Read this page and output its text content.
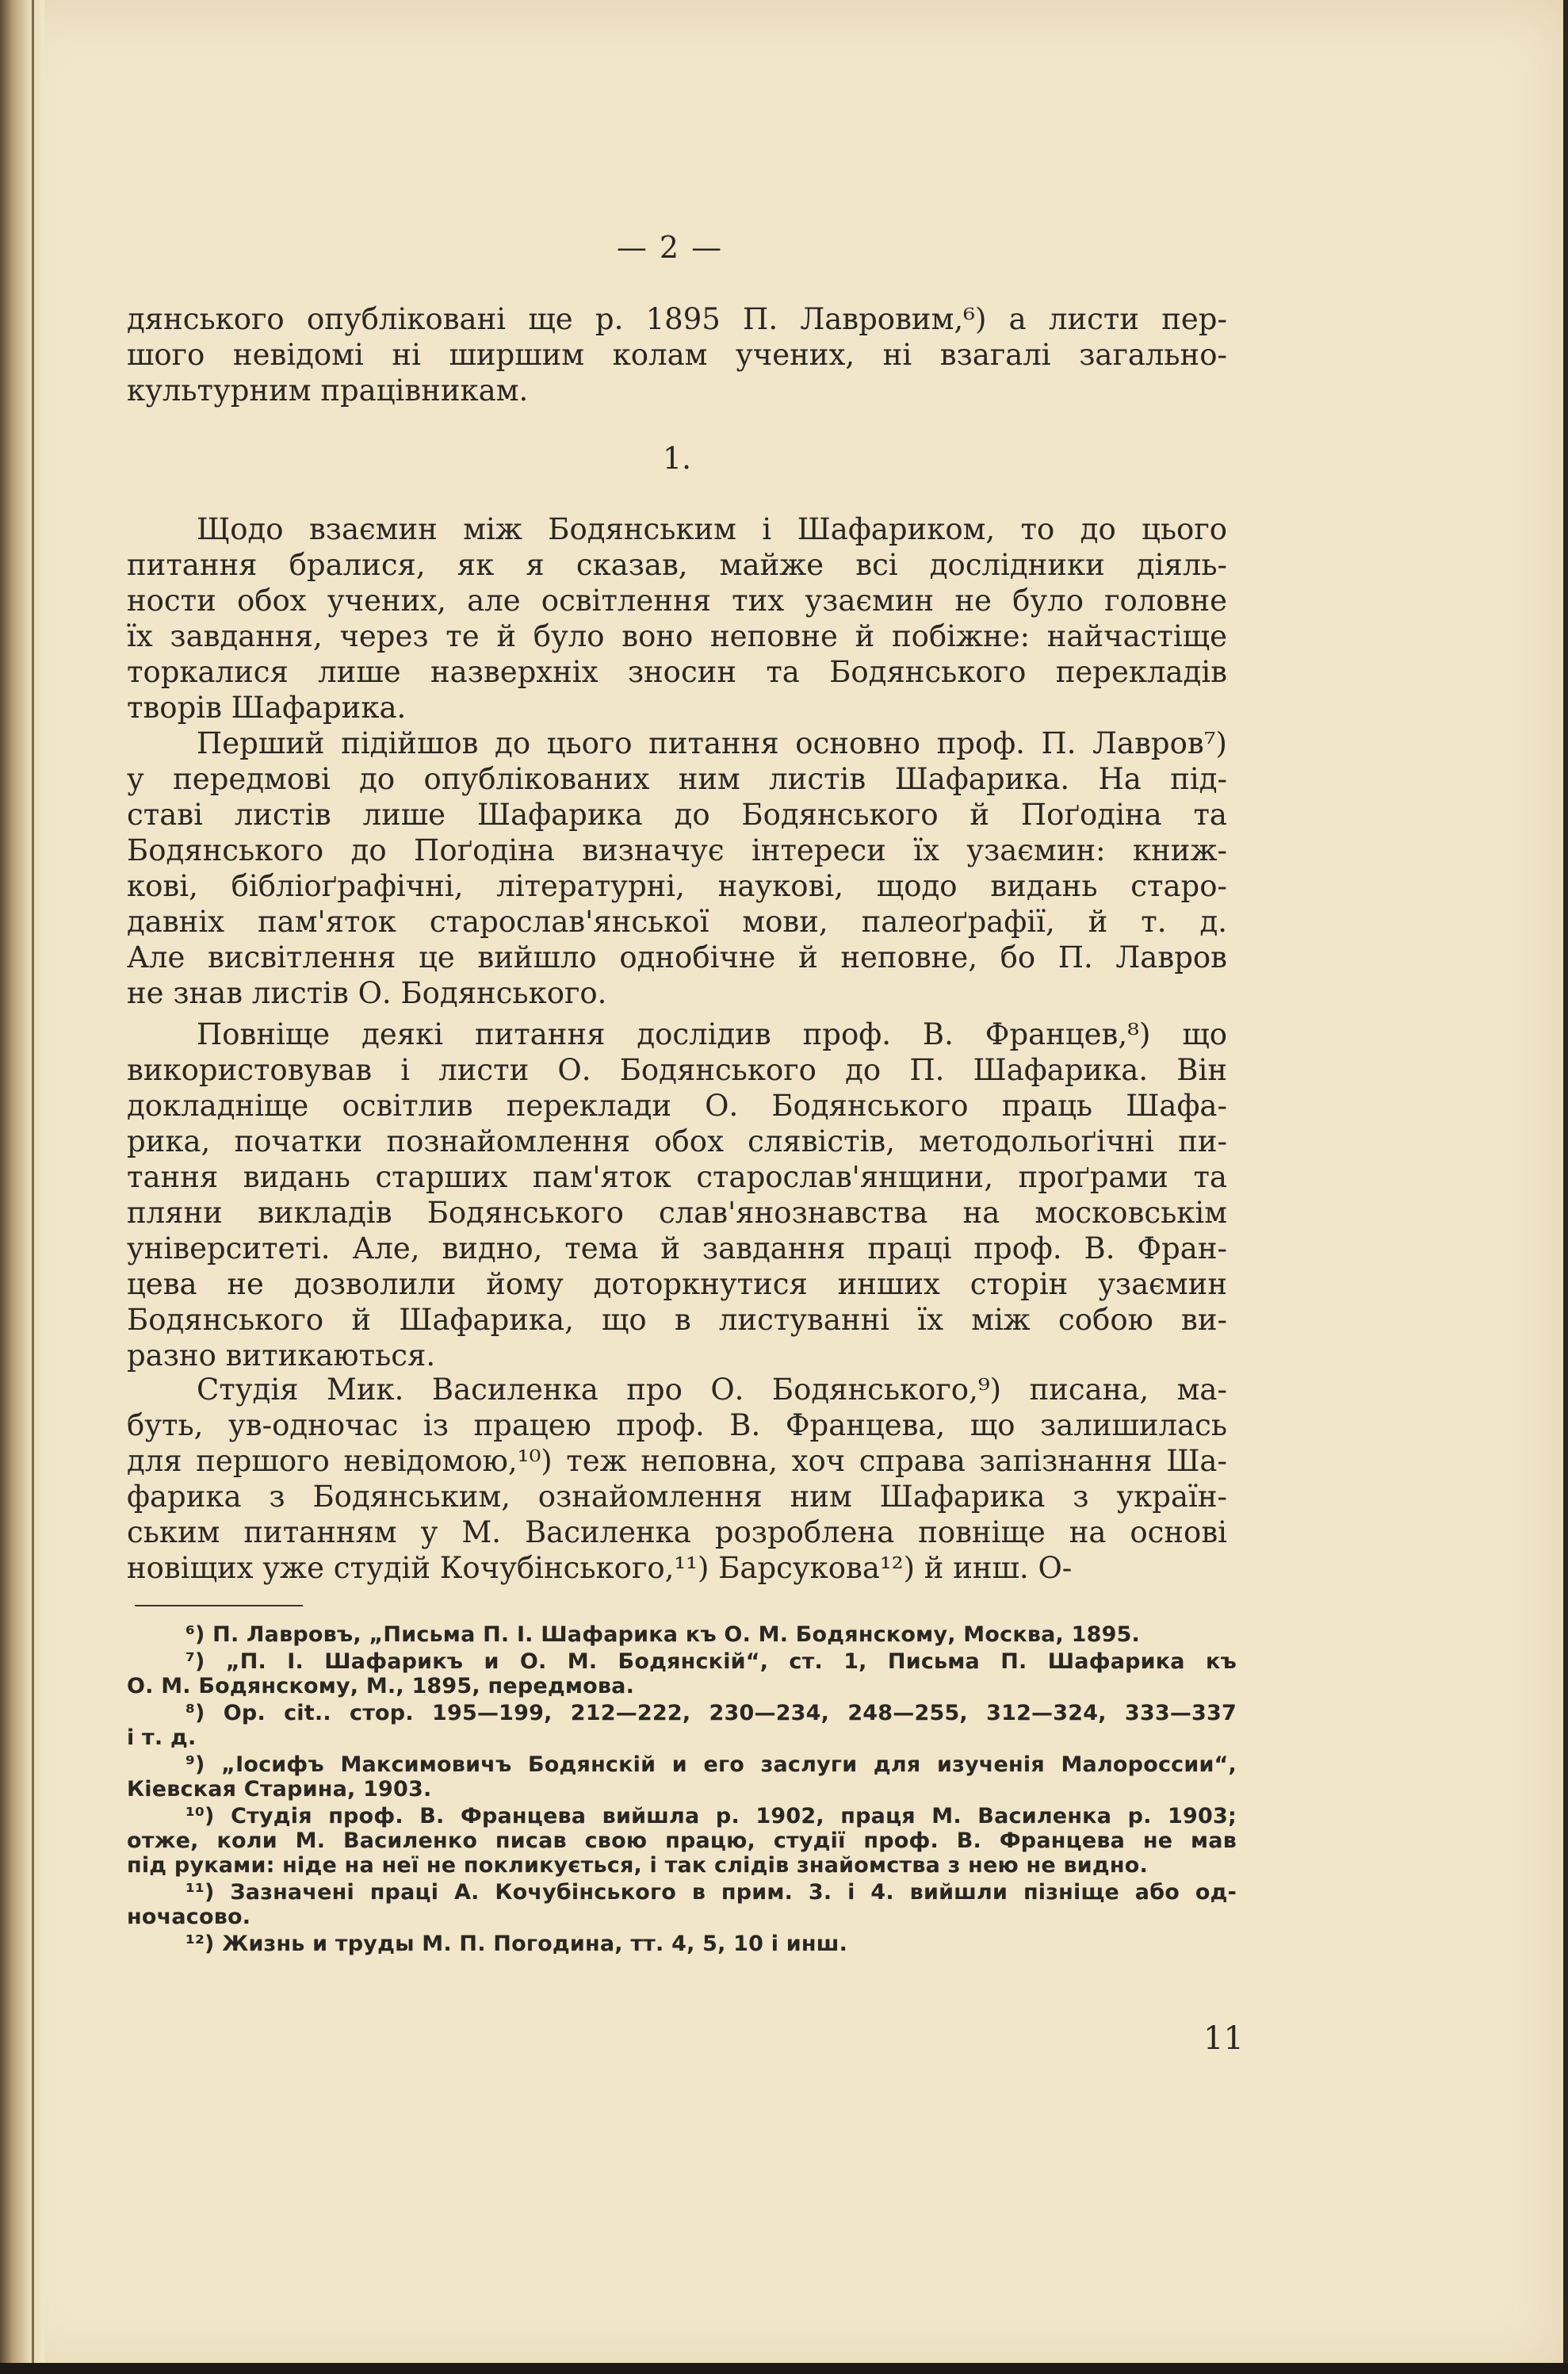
— 2 —
дянського опубліковані ще р. 1895 П. Лавровим,⁶) а листи пер-
шого невідомі ні ширшим колам учених, ні взагалі загально-
культурним працівникам.
1.
Щодо взаємин між Бодянським і Шафариком, то до цього
питання бралися, як я сказав, майже всі дослідники діяль-
ности обох учених, але освітлення тих узаємин не було головне
їх завдання, через те й було воно неповне й побіжне: найчастіще
торкалися лише назверхніх зносин та Бодянського перекладів
творів Шафарика.
Перший підійшов до цього питання основно проф. П. Лавров⁷)
у передмові до опублікованих ним листів Шафарика. На під-
ставі листів лише Шафарика до Бодянського й Поґодіна та
Бодянського до Поґодіна визначує інтереси їх узаємин: книж-
кові, бібліоґрафічні, літературні, наукові, щодо видань старо-
давніх пам'яток старослав'янської мови, палеоґрафії, й т. д.
Але висвітлення це вийшло однобічне й неповне, бо П. Лавров
не знав листів О. Бодянського.
Повніще деякі питання дослідив проф. В. Францев,⁸) що
використовував і листи О. Бодянського до П. Шафарика. Він
докладніще освітлив переклади О. Бодянського праць Шафа-
рика, початки познайомлення обох слявістів, методольоґічні пи-
тання видань старших пам'яток старослав'янщини, проґрами та
пляни викладів Бодянського слав'янознавства на московськім
університеті. Але, видно, тема й завдання праці проф. В. Фран-
цева не дозволили йому доторкнутися инших сторін узаємин
Бодянського й Шафарика, що в листуванні їх між собою ви-
разно витикаються.
Студія Мик. Василенка про О. Бодянського,⁹) писана, ма-
буть, ув-одночас із працею проф. В. Францева, що залишилась
для першого невідомою,¹⁰) теж неповна, хоч справа запізнання Ша-
фарика з Бодянським, ознайомлення ним Шафарика з україн-
ським питанням у М. Василенка розроблена повніще на основі
новіщих уже студій Кочубінського,¹¹) Барсукова¹²) й инш. О-
⁶) П. Лавровъ, „Письма П. І. Шафарика къ О. М. Бодянскому, Москва, 1895.
⁷) „П. І. Шафарикъ и О. М. Бодянскій“, ст. 1, Письма П. Шафарика къ
О. М. Бодянскому, М., 1895, передмова.
⁸) Op. cit.. стор. 195—199, 212—222, 230—234, 248—255, 312—324, 333—337
і т. д.
⁹) „Іосифъ Максимовичъ Бодянскій и его заслуги для изученія Малороссии“,
Кіевская Старина, 1903.
¹⁰) Студія проф. В. Францева вийшла р. 1902, праця М. Василенка р. 1903;
отже, коли М. Василенко писав свою працю, студії проф. В. Францева не мав
під руками: ніде на неї не покликується, і так слідів знайомства з нею не видно.
¹¹) Зазначені праці А. Кочубінського в прим. 3. і 4. вийшли пізніще або од-
ночасово.
¹²) Жизнь и труды М. П. Погодина, тт. 4, 5, 10 і инш.
11
